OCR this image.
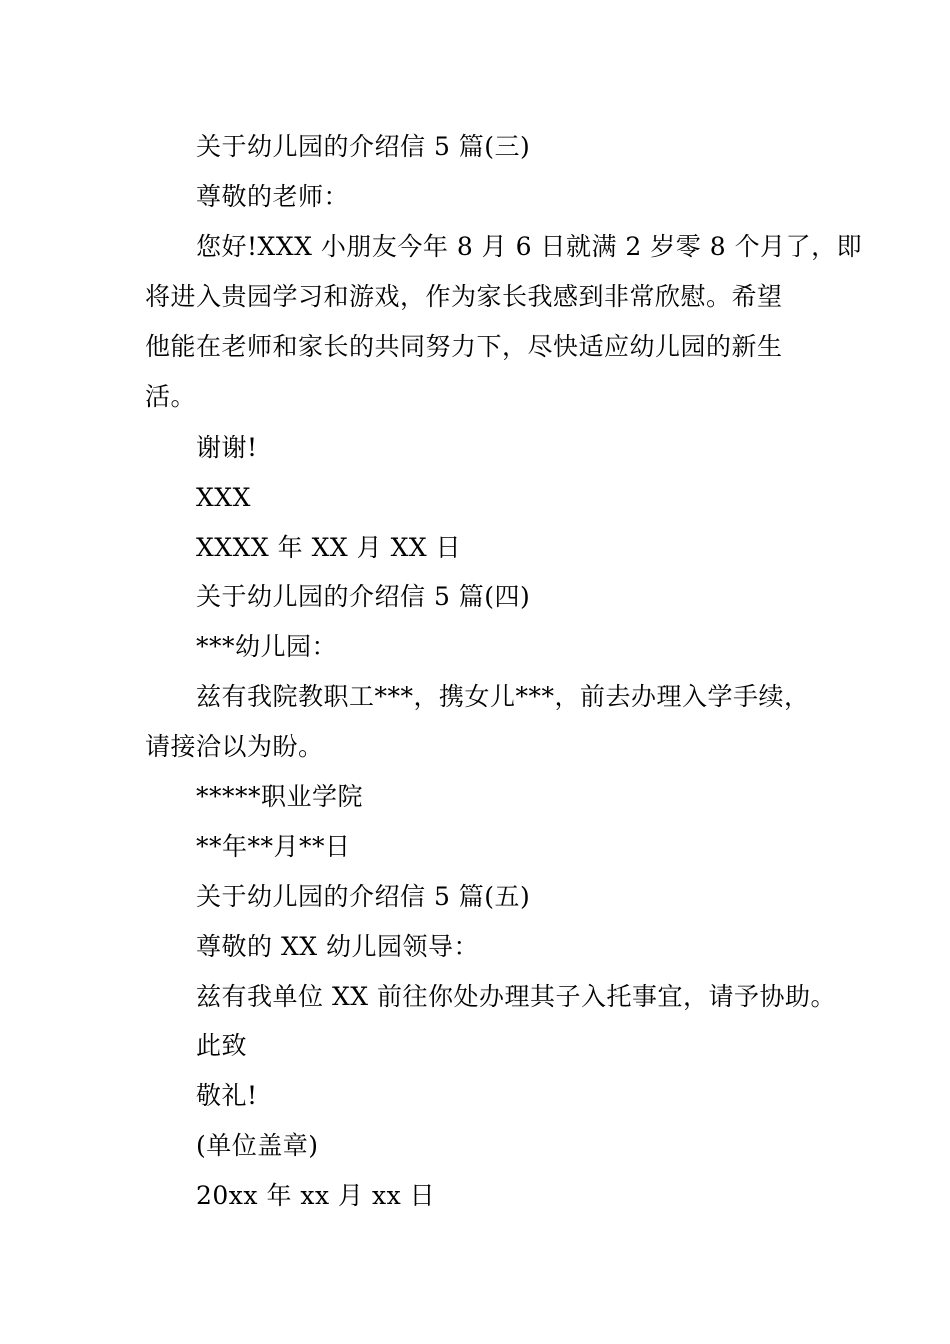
关于幼儿园的介绍信 5 篇(三)
尊敬的老师：
您好!XXX 小朋友今年 8 月 6 日就满 2 岁零 8 个月了，即
将进入贵园学习和游戏，作为家长我感到非常欣慰。希望
他能在老师和家长的共同努力下，尽快适应幼儿园的新生
活。
谢谢!
XXX
XXXX 年 XX 月 XX 日
关于幼儿园的介绍信 5 篇(四)
***幼儿园：
兹有我院教职工***，携女儿***，前去办理入学手续，
请接洽以为盼。
*****职业学院
**年**月**日
关于幼儿园的介绍信 5 篇(五)
尊敬的 XX 幼儿园领导：
兹有我单位 XX 前往你处办理其子入托事宜，请予协助。
此致
敬礼!
(单位盖章)
20xx 年 xx 月 xx 日
